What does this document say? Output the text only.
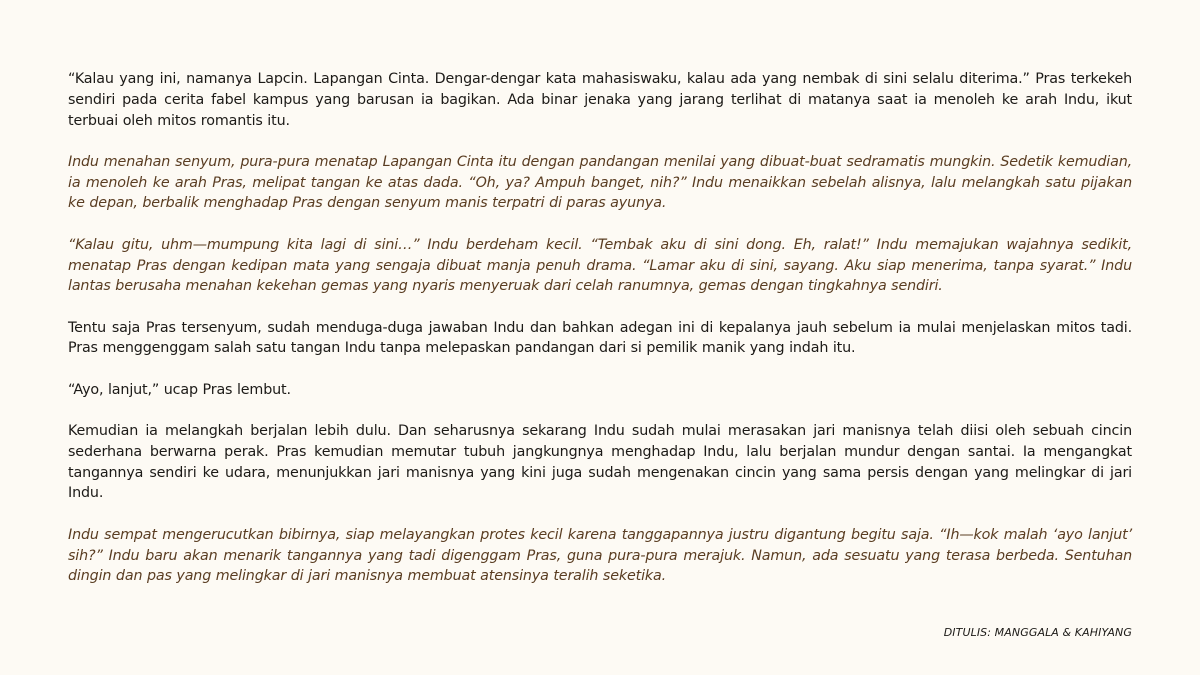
“Kalau yang ini, namanya Lapcin. Lapangan Cinta. Dengar-dengar kata mahasiswaku, kalau ada yang nembak di sini selalu diterima.” Pras terkekeh sendiri pada cerita fabel kampus yang barusan ia bagikan. Ada binar jenaka yang jarang terlihat di matanya saat ia menoleh ke arah Indu, ikut terbuai oleh mitos romantis itu.

Indu menahan senyum, pura-pura menatap Lapangan Cinta itu dengan pandangan menilai yang dibuat-buat sedramatis mungkin. Sedetik kemudian, ia menoleh ke arah Pras, melipat tangan ke atas dada. “Oh, ya? Ampuh banget, nih?” Indu menaikkan sebelah alisnya, lalu melangkah satu pijakan ke depan, berbalik menghadap Pras dengan senyum manis terpatri di paras ayunya.

“Kalau gitu, uhm—mumpung kita lagi di sini…” Indu berdeham kecil. “Tembak aku di sini dong. Eh, ralat!” Indu memajukan wajahnya sedikit, menatap Pras dengan kedipan mata yang sengaja dibuat manja penuh drama. “Lamar aku di sini, sayang. Aku siap menerima, tanpa syarat.” Indu lantas berusaha menahan kekehan gemas yang nyaris menyeruak dari celah ranumnya, gemas dengan tingkahnya sendiri.

Tentu saja Pras tersenyum, sudah menduga-duga jawaban Indu dan bahkan adegan ini di kepalanya jauh sebelum ia mulai menjelaskan mitos tadi. Pras menggenggam salah satu tangan Indu tanpa melepaskan pandangan dari si pemilik manik yang indah itu.

“Ayo, lanjut,” ucap Pras lembut.

Kemudian ia melangkah berjalan lebih dulu. Dan seharusnya sekarang Indu sudah mulai merasakan jari manisnya telah diisi oleh sebuah cincin sederhana berwarna perak. Pras kemudian memutar tubuh jangkungnya menghadap Indu, lalu berjalan mundur dengan santai. Ia mengangkat tangannya sendiri ke udara, menunjukkan jari manisnya yang kini juga sudah mengenakan cincin yang sama persis dengan yang melingkar di jari Indu.

Indu sempat mengerucutkan bibirnya, siap melayangkan protes kecil karena tanggapannya justru digantung begitu saja. “Ih—kok malah ‘ayo lanjut’ sih?” Indu baru akan menarik tangannya yang tadi digenggam Pras, guna pura-pura merajuk. Namun, ada sesuatu yang terasa berbeda. Sentuhan dingin dan pas yang melingkar di jari manisnya membuat atensinya teralih seketika.

DITULIS: MANGGALA & KAHIYANG
